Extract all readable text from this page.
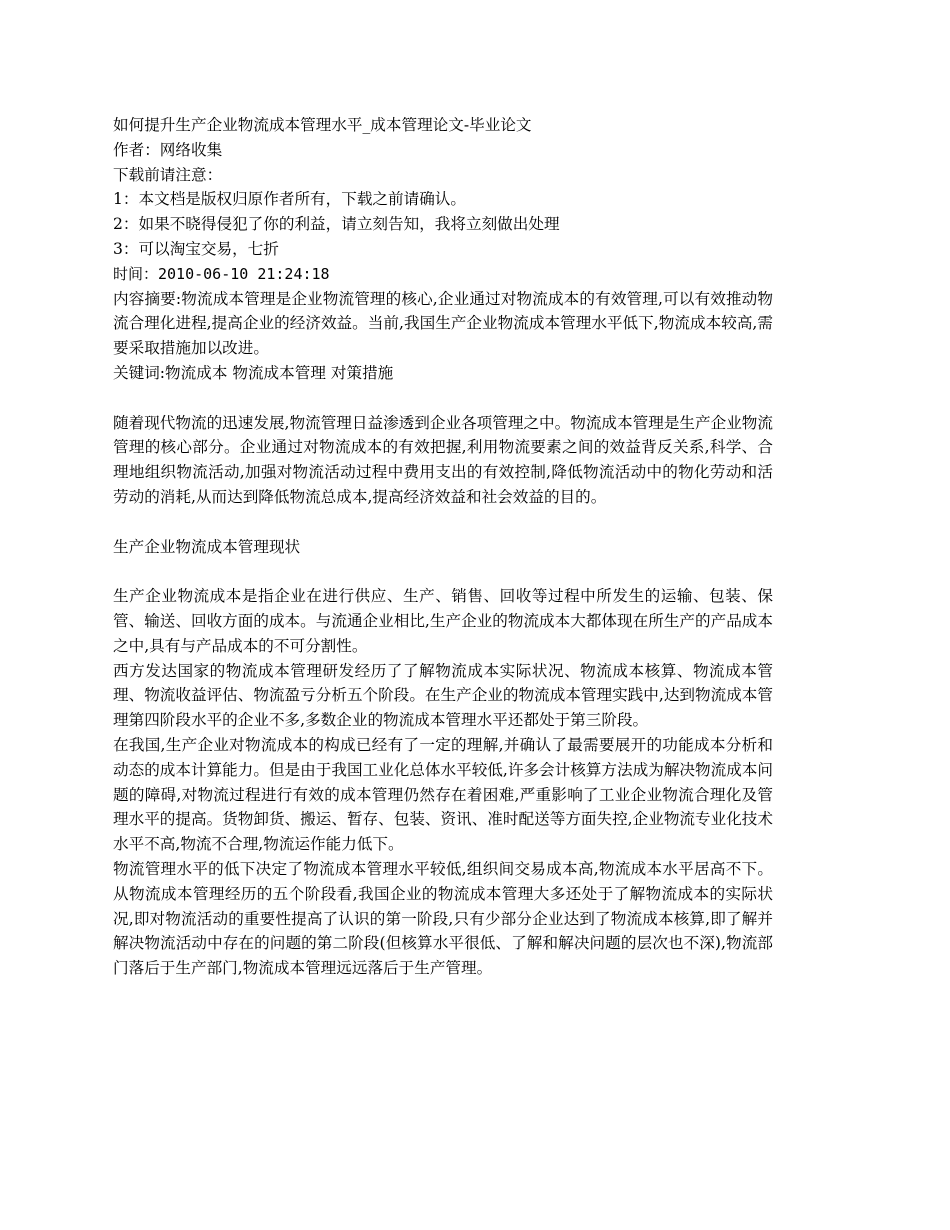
如何提升生产企业物流成本管理水平_成本管理论文-毕业论文

作者：网络收集

下载前请注意：

1：本文档是版权归原作者所有，下载之前请确认。

2：如果不晓得侵犯了你的利益，请立刻告知，我将立刻做出处理

3：可以淘宝交易，七折

时间：2010-06-10 21:24:18

内容摘要:物流成本管理是企业物流管理的核心,企业通过对物流成本的有效管理,可以有效推动物流合理化进程,提高企业的经济效益。当前,我国生产企业物流成本管理水平低下,物流成本较高,需要采取措施加以改进。

关键词:物流成本 物流成本管理 对策措施

随着现代物流的迅速发展,物流管理日益渗透到企业各项管理之中。物流成本管理是生产企业物流管理的核心部分。企业通过对物流成本的有效把握,利用物流要素之间的效益背反关系,科学、合理地组织物流活动,加强对物流活动过程中费用支出的有效控制,降低物流活动中的物化劳动和活劳动的消耗,从而达到降低物流总成本,提高经济效益和社会效益的目的。

生产企业物流成本管理现状

生产企业物流成本是指企业在进行供应、生产、销售、回收等过程中所发生的运输、包装、保管、输送、回收方面的成本。与流通企业相比,生产企业的物流成本大都体现在所生产的产品成本之中,具有与产品成本的不可分割性。

西方发达国家的物流成本管理研发经历了了解物流成本实际状况、物流成本核算、物流成本管理、物流收益评估、物流盈亏分析五个阶段。在生产企业的物流成本管理实践中,达到物流成本管理第四阶段水平的企业不多,多数企业的物流成本管理水平还都处于第三阶段。

在我国,生产企业对物流成本的构成已经有了一定的理解,并确认了最需要展开的功能成本分析和动态的成本计算能力。但是由于我国工业化总体水平较低,许多会计核算方法成为解决物流成本问题的障碍,对物流过程进行有效的成本管理仍然存在着困难,严重影响了工业企业物流合理化及管理水平的提高。货物卸货、搬运、暂存、包装、资讯、准时配送等方面失控,企业物流专业化技术水平不高,物流不合理,物流运作能力低下。

物流管理水平的低下决定了物流成本管理水平较低,组织间交易成本高,物流成本水平居高不下。从物流成本管理经历的五个阶段看,我国企业的物流成本管理大多还处于了解物流成本的实际状况,即对物流活动的重要性提高了认识的第一阶段,只有少部分企业达到了物流成本核算,即了解并解决物流活动中存在的问题的第二阶段(但核算水平很低、了解和解决问题的层次也不深),物流部门落后于生产部门,物流成本管理远远落后于生产管理。
